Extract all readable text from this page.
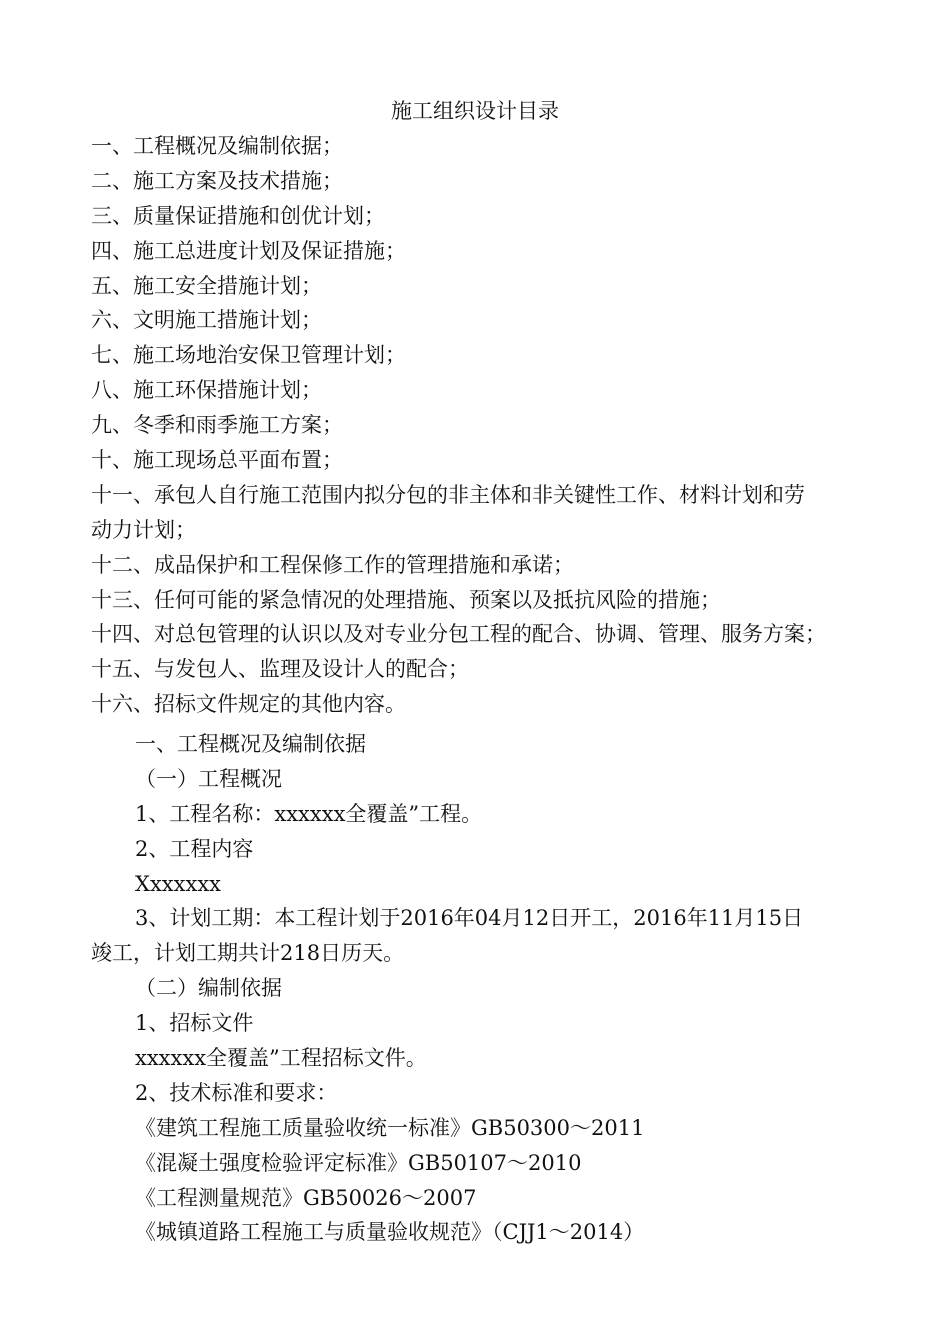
施工组织设计目录
一、工程概况及编制依据；
二、施工方案及技术措施；
三、质量保证措施和创优计划；
四、施工总进度计划及保证措施；
五、施工安全措施计划；
六、文明施工措施计划；
七、施工场地治安保卫管理计划；
八、施工环保措施计划；
九、冬季和雨季施工方案；
十、施工现场总平面布置；
十一、承包人自行施工范围内拟分包的非主体和非关键性工作、材料计划和劳
动力计划；
十二、成品保护和工程保修工作的管理措施和承诺；
十三、任何可能的紧急情况的处理措施、预案以及抵抗风险的措施；
十四、对总包管理的认识以及对专业分包工程的配合、协调、管理、服务方案；
十五、与发包人、监理及设计人的配合；
十六、招标文件规定的其他内容。
一、工程概况及编制依据
（一）工程概况
1、工程名称：xxxxxx全覆盖”工程。
2、工程内容
Xxxxxxx
3、计划工期：本工程计划于2016年04月12日开工，2016年11月15日
竣工，计划工期共计218日历天。
（二）编制依据
1、招标文件
xxxxxx全覆盖”工程招标文件。
2、技术标准和要求：
《建筑工程施工质量验收统一标准》GB50300～2011
《混凝土强度检验评定标准》GB50107～2010
《工程测量规范》GB50026～2007
《城镇道路工程施工与质量验收规范》（CJJ1～2014）
